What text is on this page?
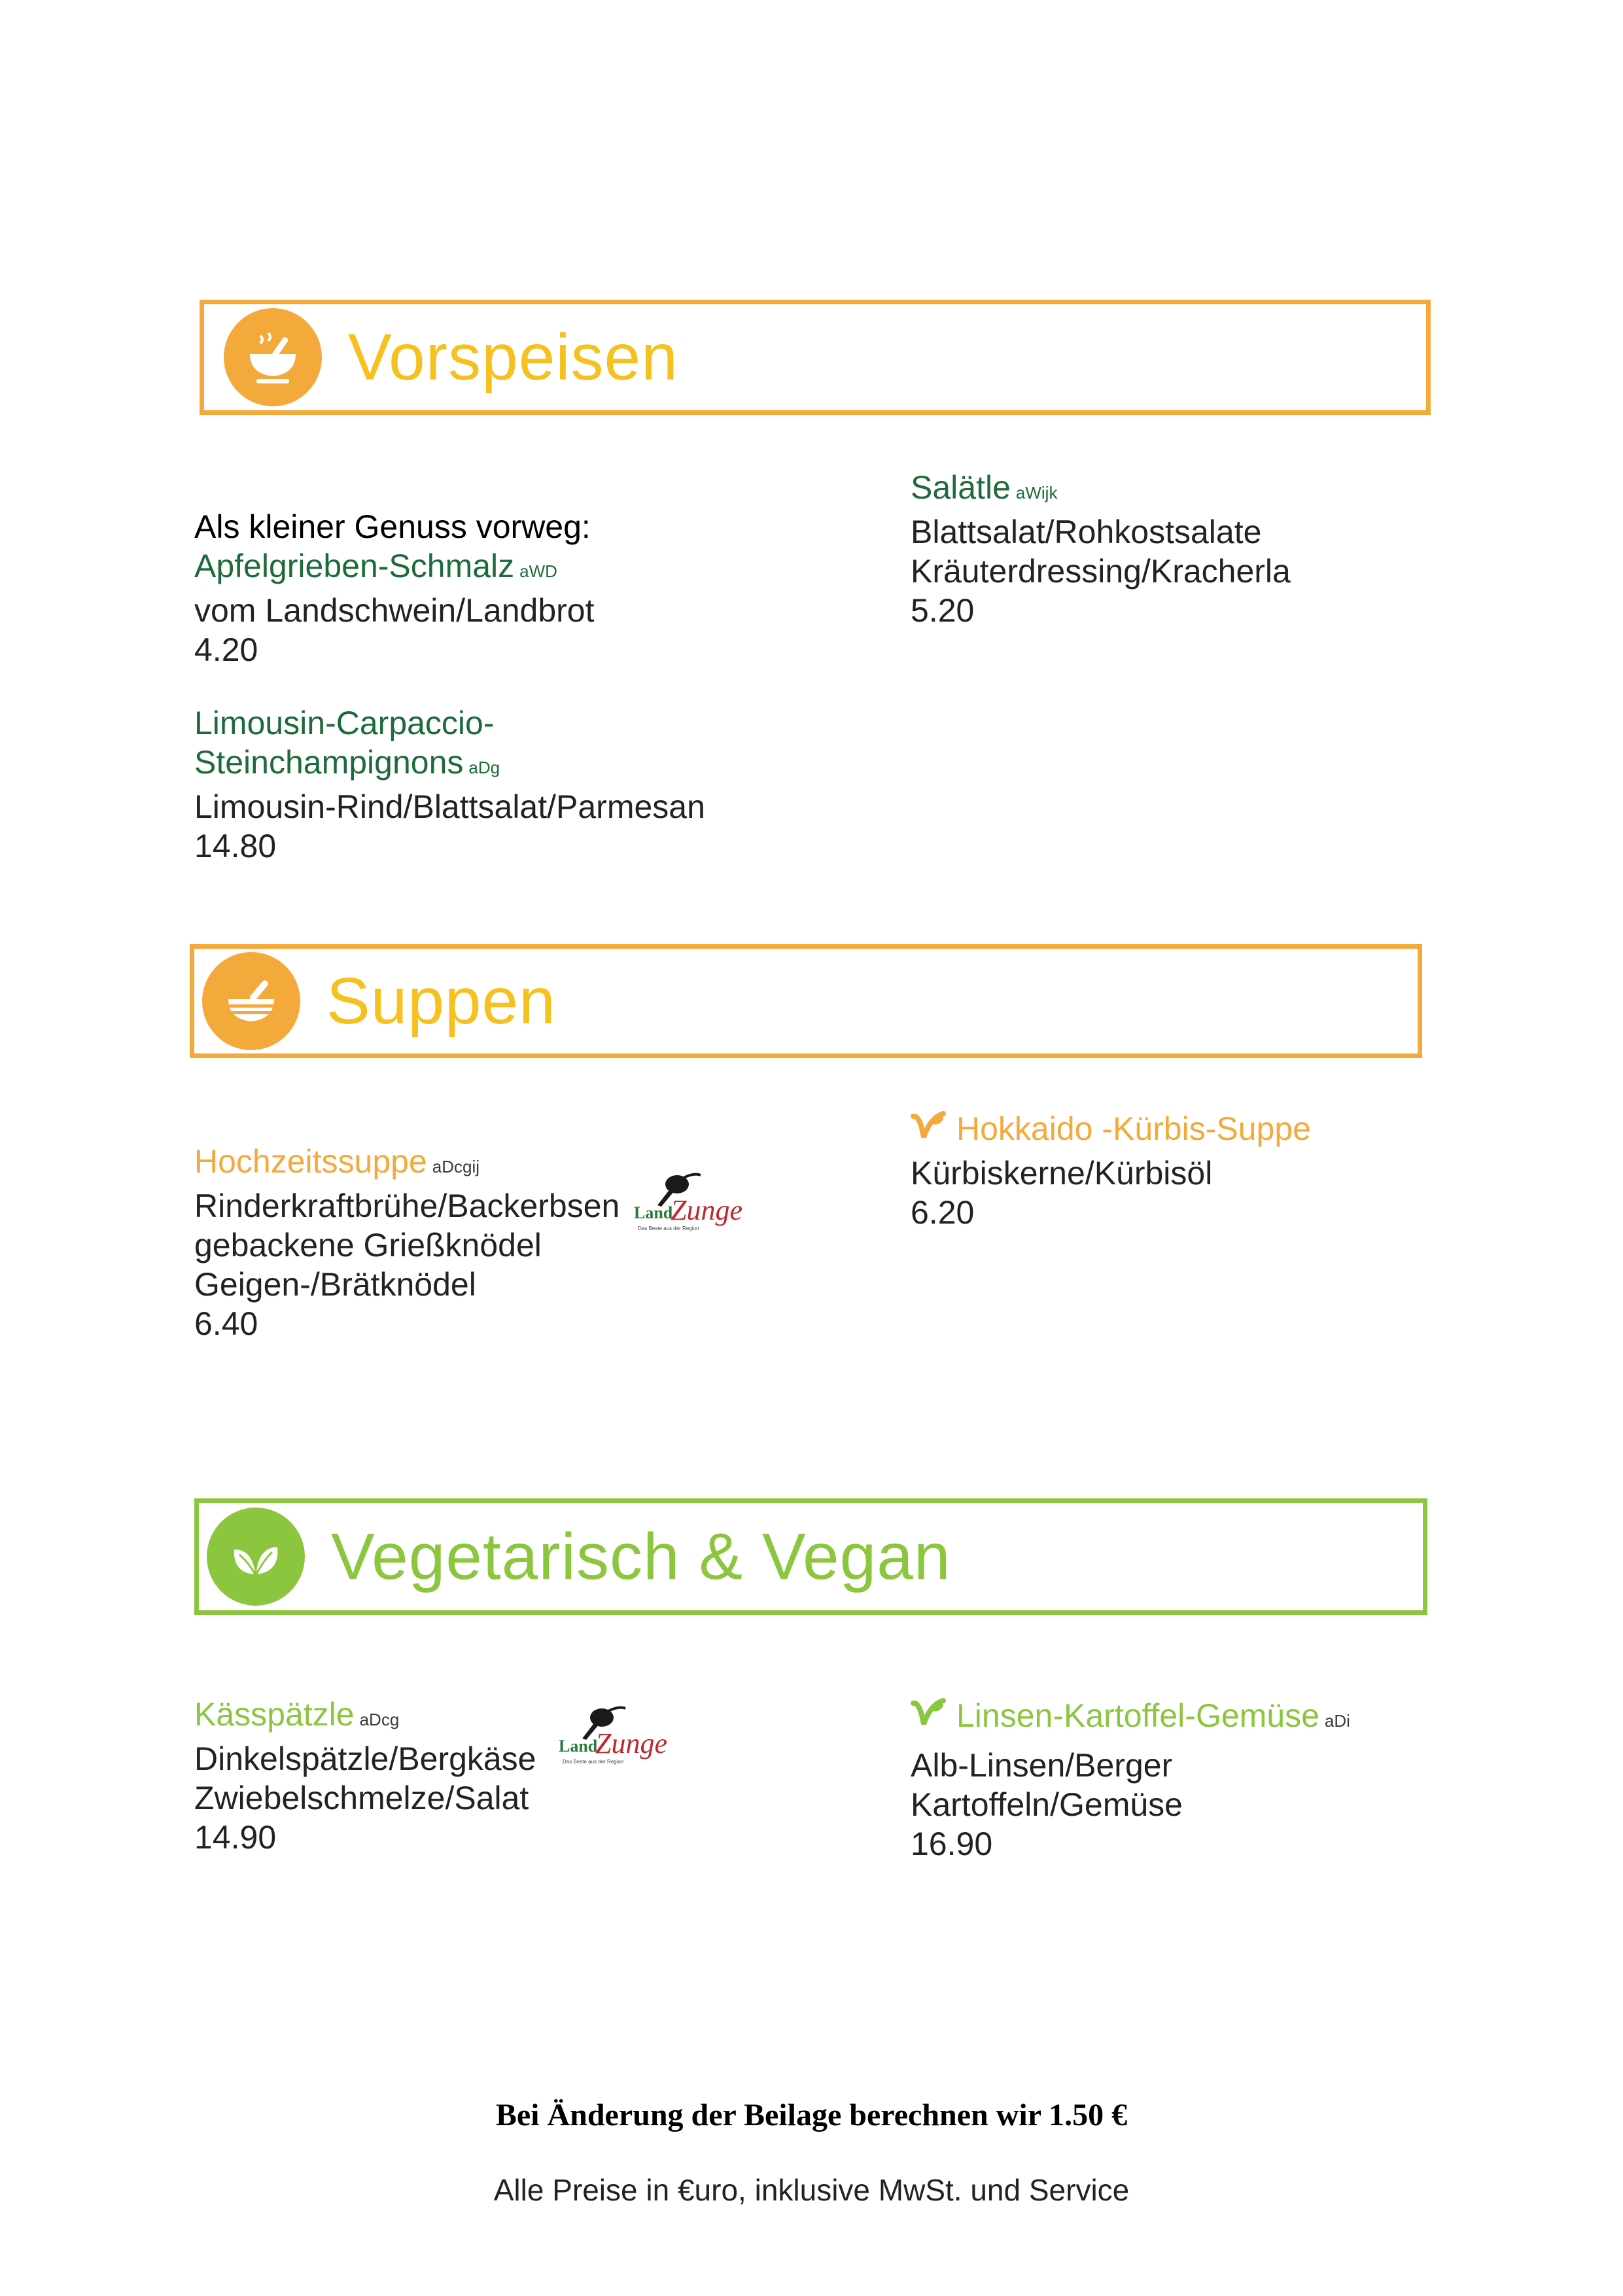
Vorspeisen
Als kleiner Genuss vorweg:
Apfelgrieben-Schmalz aWD
vom Landschwein/Landbrot
4.20
Limousin-Carpaccio-
Steinchampignons aDg
Limousin-Rind/Blattsalat/Parmesan
14.80
Salätle aWijk
Blattsalat/Rohkostsalate
Kräuterdressing/Kracherla
5.20
Suppen
Hochzeitssuppe aDcgij
Rinderkraftbrühe/Backerbsen
gebackene Grießknödel
Geigen-/Brätknödel
6.40
Land
Zunge
Das Beste aus der Region
Hokkaido -Kürbis-Suppe
Kürbiskerne/Kürbisöl
6.20
Vegetarisch & Vegan
Kässpätzle aDcg
Dinkelspätzle/Bergkäse
Zwiebelschmelze/Salat
14.90
Land
Zunge
Das Beste aus der Region
Linsen-Kartoffel-Gemüse aDi
Alb-Linsen/Berger
Kartoffeln/Gemüse
16.90
Bei Änderung der Beilage berechnen wir 1.50 €
Alle Preise in €uro, inklusive MwSt. und Service
